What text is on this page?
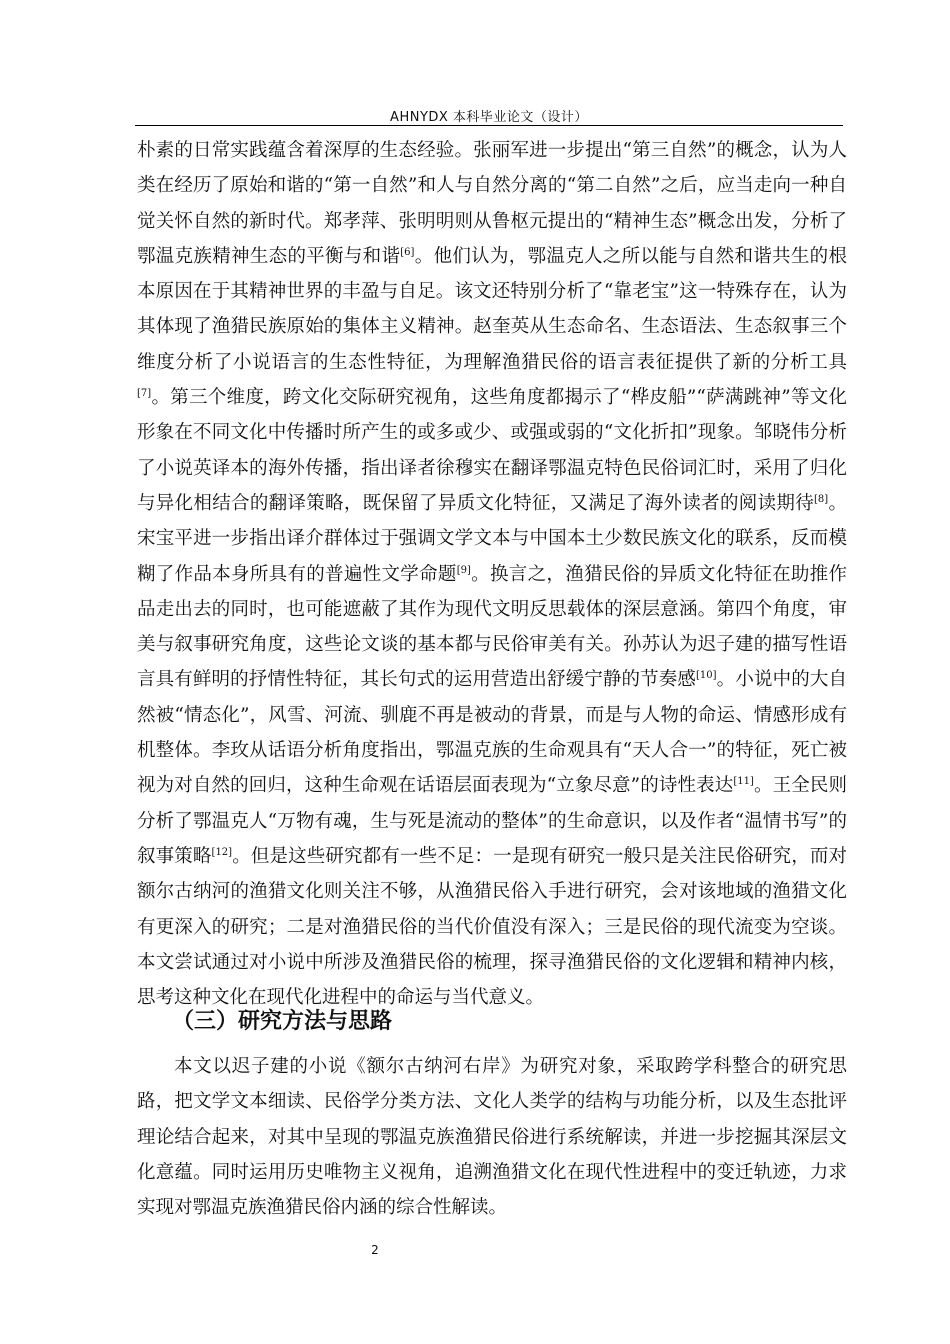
AHNYDX 本科毕业论文（设计）

朴素的日常实践蕴含着深厚的生态经验。张丽军进一步提出“第三自然”的概念，认为人类在经历了原始和谐的“第一自然”和人与自然分离的“第二自然”之后，应当走向一种自觉关怀自然的新时代。郑孝萍、张明明则从鲁枢元提出的“精神生态”概念出发，分析了鄂温克族精神生态的平衡与和谐[6]。他们认为，鄂温克人之所以能与自然和谐共生的根本原因在于其精神世界的丰盈与自足。该文还特别分析了“靠老宝”这一特殊存在，认为其体现了渔猎民族原始的集体主义精神。赵奎英从生态命名、生态语法、生态叙事三个维度分析了小说语言的生态性特征，为理解渔猎民俗的语言表征提供了新的分析工具[7]。第三个维度，跨文化交际研究视角，这些角度都揭示了“桦皮船”“萨满跳神”等文化形象在不同文化中传播时所产生的或多或少、或强或弱的“文化折扣”现象。邹晓伟分析了小说英译本的海外传播，指出译者徐穆实在翻译鄂温克特色民俗词汇时，采用了归化与异化相结合的翻译策略，既保留了异质文化特征，又满足了海外读者的阅读期待[8]。宋宝平进一步指出译介群体过于强调文学文本与中国本土少数民族文化的联系，反而模糊了作品本身所具有的普遍性文学命题[9]。换言之，渔猎民俗的异质文化特征在助推作品走出去的同时，也可能遮蔽了其作为现代文明反思载体的深层意涵。第四个角度，审美与叙事研究角度，这些论文谈的基本都与民俗审美有关。孙苏认为迟子建的描写性语言具有鲜明的抒情性特征，其长句式的运用营造出舒缓宁静的节奏感[10]。小说中的大自然被“情态化”，风雪、河流、驯鹿不再是被动的背景，而是与人物的命运、情感形成有机整体。李玫从话语分析角度指出，鄂温克族的生命观具有“天人合一”的特征，死亡被视为对自然的回归，这种生命观在话语层面表现为“立象尽意”的诗性表达[11]。王全民则分析了鄂温克人“万物有魂，生与死是流动的整体”的生命意识，以及作者“温情书写”的叙事策略[12]。但是这些研究都有一些不足：一是现有研究一般只是关注民俗研究，而对额尔古纳河的渔猎文化则关注不够，从渔猎民俗入手进行研究，会对该地域的渔猎文化有更深入的研究；二是对渔猎民俗的当代价值没有深入；三是民俗的现代流变为空谈。本文尝试通过对小说中所涉及渔猎民俗的梳理，探寻渔猎民俗的文化逻辑和精神内核，思考这种文化在现代化进程中的命运与当代意义。

（三）研究方法与思路

本文以迟子建的小说《额尔古纳河右岸》为研究对象，采取跨学科整合的研究思路，把文学文本细读、民俗学分类方法、文化人类学的结构与功能分析，以及生态批评理论结合起来，对其中呈现的鄂温克族渔猎民俗进行系统解读，并进一步挖掘其深层文化意蕴。同时运用历史唯物主义视角，追溯渔猎文化在现代性进程中的变迁轨迹，力求实现对鄂温克族渔猎民俗内涵的综合性解读。

2
